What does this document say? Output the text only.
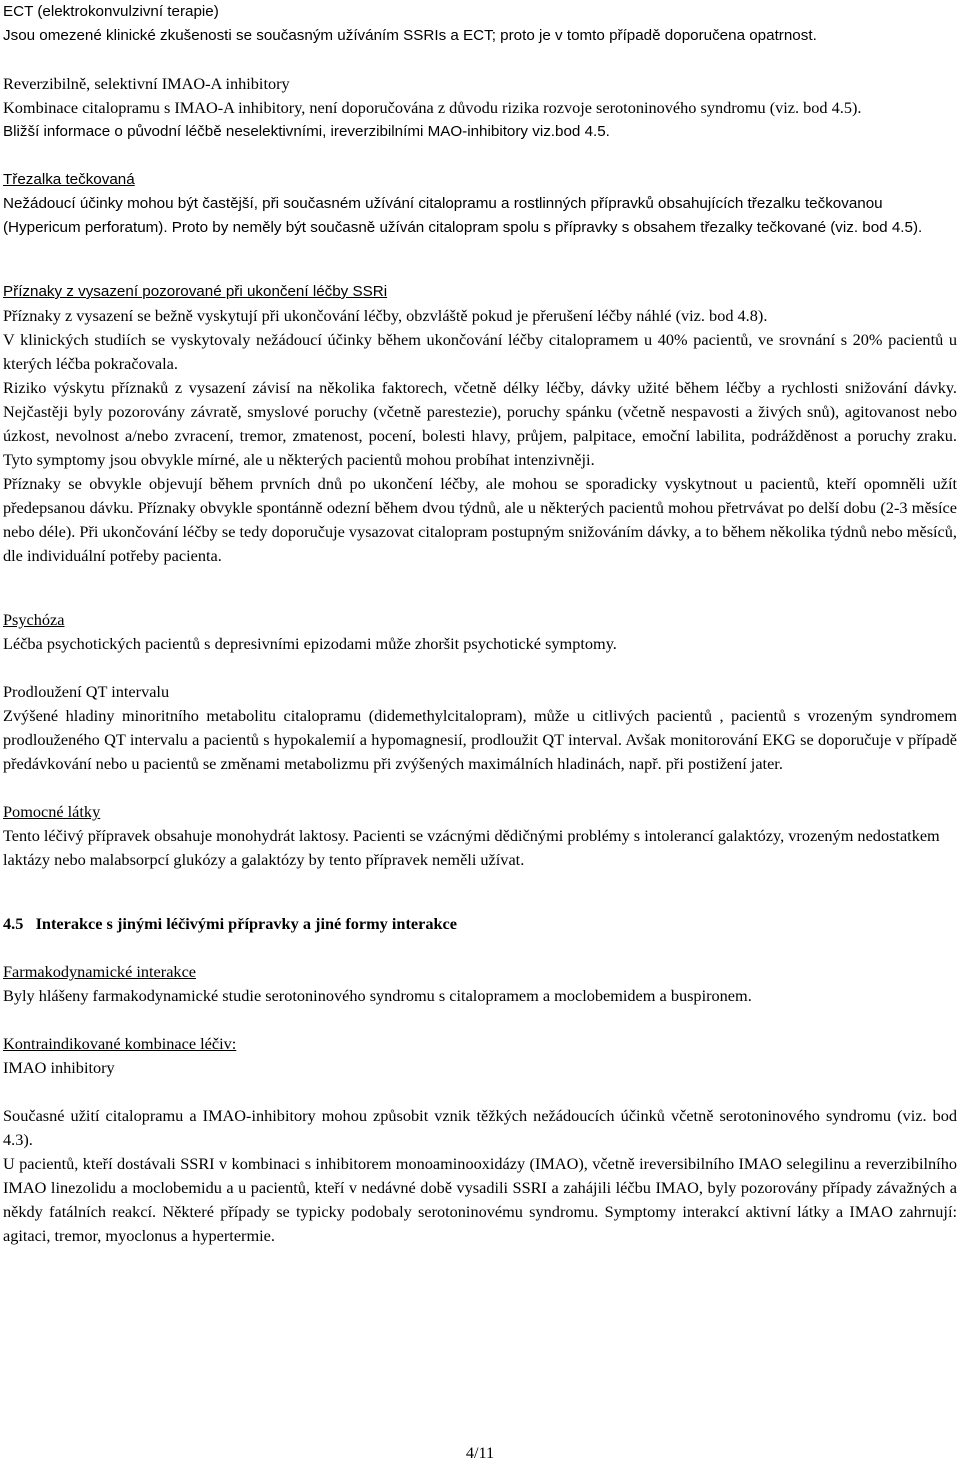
ECT (elektrokonvulzivní terapie)

Jsou omezené klinické zkušenosti se současným užíváním SSRIs a ECT; proto je v tomto případě doporučena opatrnost.

Reverzibilně, selektivní IMAO-A inhibitory

Kombinace citalopramu s IMAO-A inhibitory, není doporučována z důvodu rizika rozvoje serotoninového syndromu (viz. bod 4.5).

Bližší informace o původní léčbě neselektivními, ireverzibilními MAO-inhibitory viz.bod 4.5.

Třezalka tečkovaná

Nežádoucí účinky mohou být častější, při současném užívání citalopramu a rostlinných přípravků obsahujících třezalku tečkovanou (Hypericum perforatum). Proto by neměly být současně užíván citalopram spolu s přípravky s obsahem třezalky tečkované (viz. bod 4.5).

Příznaky z vysazení pozorované při ukončení léčby SSRi

Příznaky z vysazení se bežně vyskytují při ukončování léčby, obzvláště pokud je přerušení léčby náhlé (viz. bod 4.8).

V klinických studiích se vyskytovaly nežádoucí účinky během ukončování léčby citalopramem u 40% pacientů, ve srovnání s 20% pacientů u kterých léčba pokračovala.

Riziko výskytu příznaků z vysazení závisí na několika faktorech, včetně délky léčby, dávky užité během léčby a rychlosti snižování dávky. Nejčastěji byly pozorovány závratě, smyslové poruchy (včetně parestezie), poruchy spánku (včetně nespavosti a živých snů), agitovanost nebo úzkost, nevolnost a/nebo zvracení, tremor, zmatenost, pocení, bolesti hlavy, průjem, palpitace, emoční labilita, podrážděnost a poruchy zraku. Tyto symptomy jsou obvykle mírné, ale u některých pacientů mohou probíhat intenzivněji.

Příznaky se obvykle objevují během prvních dnů po ukončení léčby, ale mohou se sporadicky vyskytnout u pacientů, kteří opomněli užít předepsanou dávku. Příznaky obvykle spontánně odezní během dvou týdnů, ale u některých pacientů mohou přetrvávat po delší dobu (2-3 měsíce nebo déle). Při ukončování léčby se tedy doporučuje vysazovat citalopram postupným snižováním dávky, a to během několika týdnů nebo měsíců, dle individuální potřeby pacienta.

Psychóza

Léčba psychotických pacientů s depresivními epizodami může zhoršit psychotické symptomy.

Prodloužení QT intervalu

Zvýšené hladiny minoritního metabolitu citalopramu (didemethylcitalopram), může u citlivých pacientů , pacientů s vrozeným syndromem prodlouženého QT intervalu a pacientů s hypokalemií a hypomagnesií, prodloužit QT interval. Avšak monitorování EKG se doporučuje v případě předávkování nebo u pacientů se změnami metabolizmu při zvýšených maximálních hladinách, např. při postižení jater.

Pomocné látky

Tento léčivý přípravek obsahuje monohydrát laktosy. Pacienti se vzácnými dědičnými problémy s intolerancí galaktózy, vrozeným nedostatkem laktázy nebo malabsorpcí glukózy a galaktózy by tento přípravek neměli užívat.

4.5   Interakce s jinými léčivými přípravky a jiné formy interakce

Farmakodynamické interakce

Byly hlášeny farmakodynamické studie serotoninového syndromu s citalopramem a moclobemidem a buspironem.

Kontraindikované kombinace léčiv:

IMAO inhibitory

Současné užití citalopramu a IMAO-inhibitory mohou způsobit vznik těžkých nežádoucích účinků včetně serotoninového syndromu (viz. bod 4.3).

U pacientů, kteří dostávali SSRI v kombinaci s inhibitorem monoaminooxidázy (IMAO), včetně ireversibilního IMAO selegilinu a reverzibilního IMAO linezolidu a moclobemidu a u pacientů, kteří v nedávné době vysadili SSRI a zahájili léčbu IMAO, byly pozorovány případy závažných a někdy fatálních reakcí. Některé případy se typicky podobaly serotoninovému syndromu. Symptomy interakcí aktivní látky a IMAO zahrnují: agitaci, tremor, myoclonus a hypertermie.

4/11
